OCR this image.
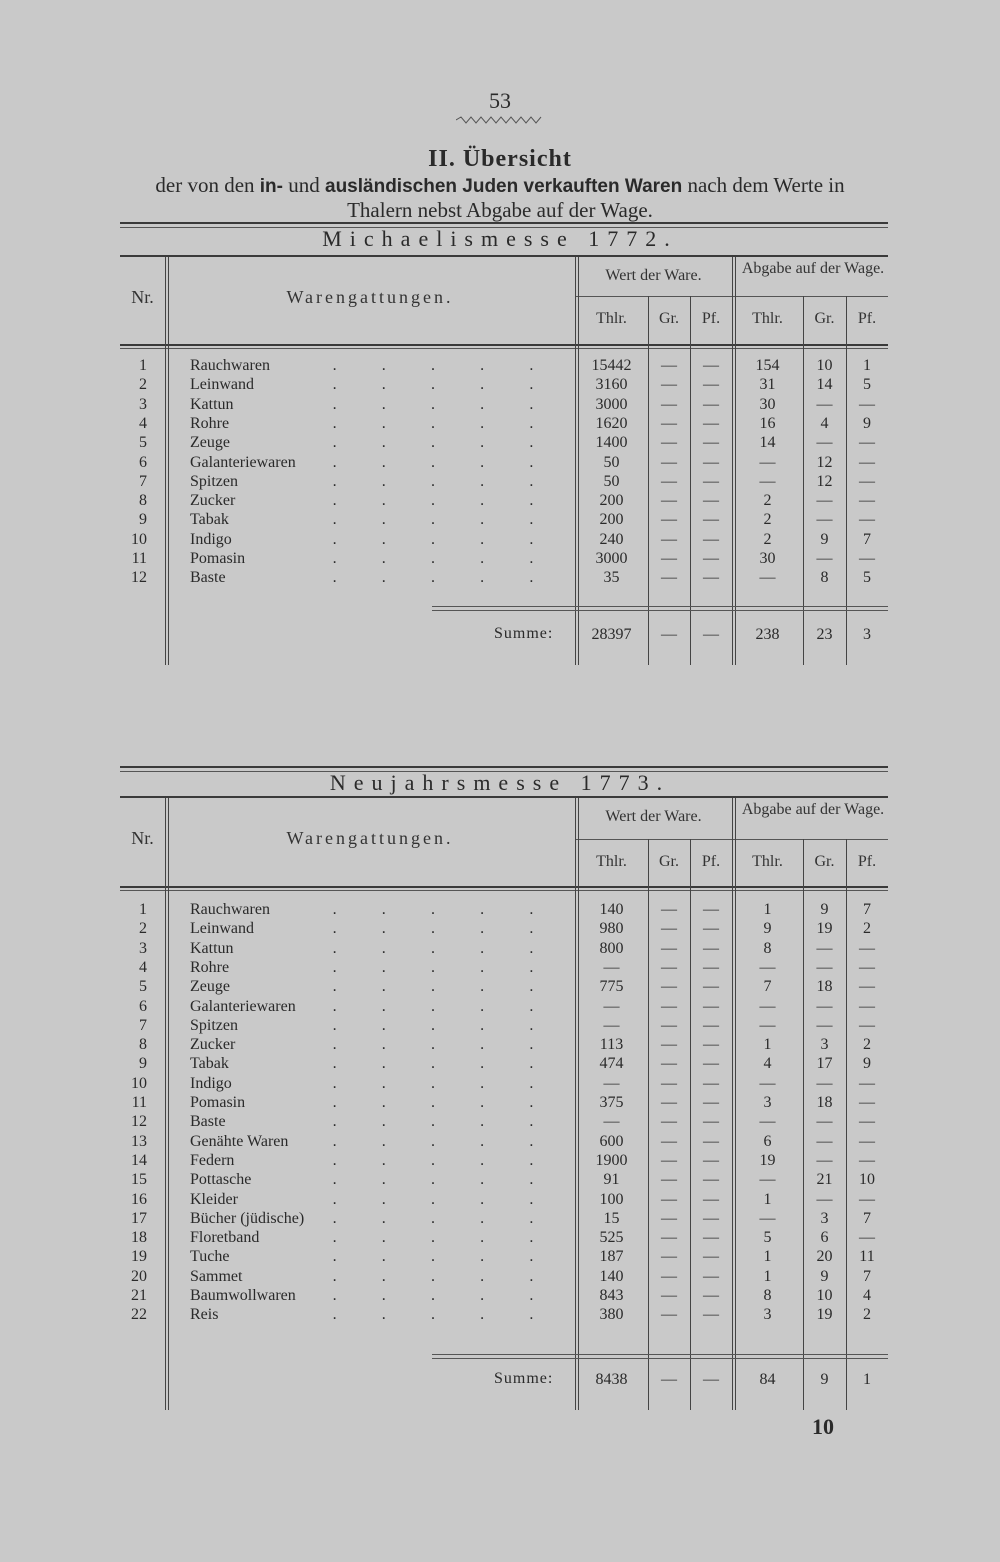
53
II. Übersicht
der von den in- und ausländischen Juden verkauften Waren nach dem Werte in
Thalern nebst Abgabe auf der Wage.
Michaelismesse 1772.
Nr.	Warengattungen.
Wert der Ware.	Abgabe auf der Wage.
Thlr.	Gr.	Pf.	Thlr.	Gr.	Pf.
1	Rauchwaren	.	.	.	.	.	15442	—	—	154	10	1
2	Leinwand	.	.	.	.	.	3160	—	—	31	14	5
3	Kattun	.	.	.	.	.	3000	—	—	30	—	—
4	Rohre	.	.	.	.	.	1620	—	—	16	4	9
5	Zeuge	.	.	.	.	.	1400	—	—	14	—	—
6	Galanteriewaren .	.	.	.	.	50	—	—	—	12	—
7	Spitzen	.	.	.	.	.	50	—	—	—	12	—
8	Zucker	.	.	.	.	.	200	—	—	2	—	—
9	Tabak	.	.	.	.	.	200	—	—	2	—	—
10	Indigo	.	.	.	.	.	240	—	—	2	9	7
11	Pomasin	.	.	.	.	.	3000	—	—	30	—	—
12	Baste	.	.	.	.	.	35	—	—	—	8	5
Summe:	28397	—	—	238	23	3
Neujahrsmesse 1773.
Nr.	Warengattungen.
Wert der Ware.	Abgabe auf der Wage.
Thlr.	Gr.	Pf.	Thlr.	Gr.	Pf.
1	Rauchwaren	.	.	.	.	.	140	—	—	1	9	7
2	Leinwand	.	.	.	.	.	980	—	—	9	19	2
3	Kattun	.	.	.	.	.	800	—	—	8	—	—
4	Rohre	.	.	.	.	.	—	—	—	—	—	—
5	Zeuge	.	.	.	.	.	775	—	—	7	18	—
6	Galanteriewaren .	.	.	.	.	—	—	—	—	—	—
7	Spitzen	.	.	.	.	.	—	—	—	—	—	—
8	Zucker	.	.	.	.	.	113	—	—	1	3	2
9	Tabak	.	.	.	.	.	474	—	—	4	17	9
10	Indigo	.	.	.	.	.	—	—	—	—	—	—
11	Pomasin	.	.	.	.	.	375	—	—	3	18	—
12	Baste	.	.	.	.	.	—	—	—	—	—	—
13	Genähte Waren	.	.	.	.	.	600	—	—	6	—	—
14	Federn	.	.	.	.	.	1900	—	—	19	—	—
15	Pottasche	.	.	.	.	.	91	—	—	—	21	10
16	Kleider	.	.	.	.	.	100	—	—	1	—	—
17	Bücher (jüdische) .	.	.	.	.	15	—	—	—	3	7
18	Floretband	.	.	.	.	.	525	—	—	5	6	—
19	Tuche	.	.	.	.	.	187	—	—	1	20	11
20	Sammet	.	.	.	.	.	140	—	—	1	9	7
21	Baumwollwaren .	.	.	.	.	843	—	—	8	10	4
22	Reis	.	.	.	.	.	380	—	—	3	19	2
Summe:	8438	—	—	84	9	1
10
